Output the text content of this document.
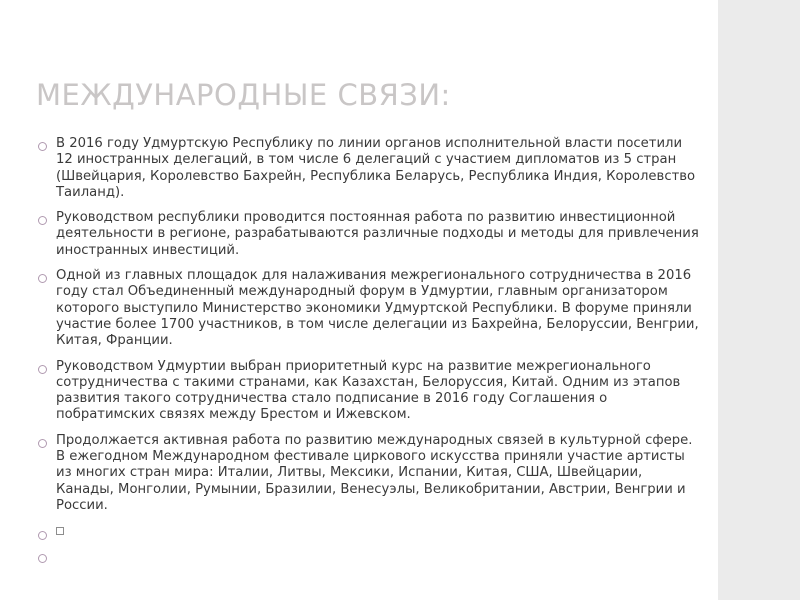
МЕЖДУНАРОДНЫЕ СВЯЗИ:
В 2016 году Удмуртскую Республику по линии органов исполнительной власти посетили 12 иностранных делегаций, в том числе 6 делегаций с участием дипломатов из 5 стран (Швейцария, Королевство Бахрейн, Республика Беларусь, Республика Индия, Королевство Таиланд).
Руководством республики проводится постоянная работа по развитию инвестиционной деятельности в регионе, разрабатываются различные подходы и методы для привлечения иностранных инвестиций.
Одной из главных площадок для налаживания межрегионального сотрудничества в 2016 году стал Объединенный международный форум в Удмуртии, главным организатором которого выступило Министерство экономики Удмуртской Республики. В форуме приняли участие более 1700 участников, в том числе делегации из Бахрейна, Белоруссии, Венгрии, Китая, Франции.
Руководством Удмуртии выбран приоритетный курс на развитие межрегионального сотрудничества с такими странами, как Казахстан, Белоруссия, Китай. Одним из этапов развития такого сотрудничества стало подписание в 2016 году Соглашения о побратимских связях между Брестом и Ижевском.
Продолжается активная работа по развитию международных связей в культурной сфере. В ежегодном Международном фестивале циркового искусства приняли участие артисты из многих стран мира: Италии, Литвы, Мексики, Испании, Китая, США, Швейцарии, Канады, Монголии, Румынии, Бразилии, Венесуэлы, Великобритании, Австрии, Венгрии и России.
